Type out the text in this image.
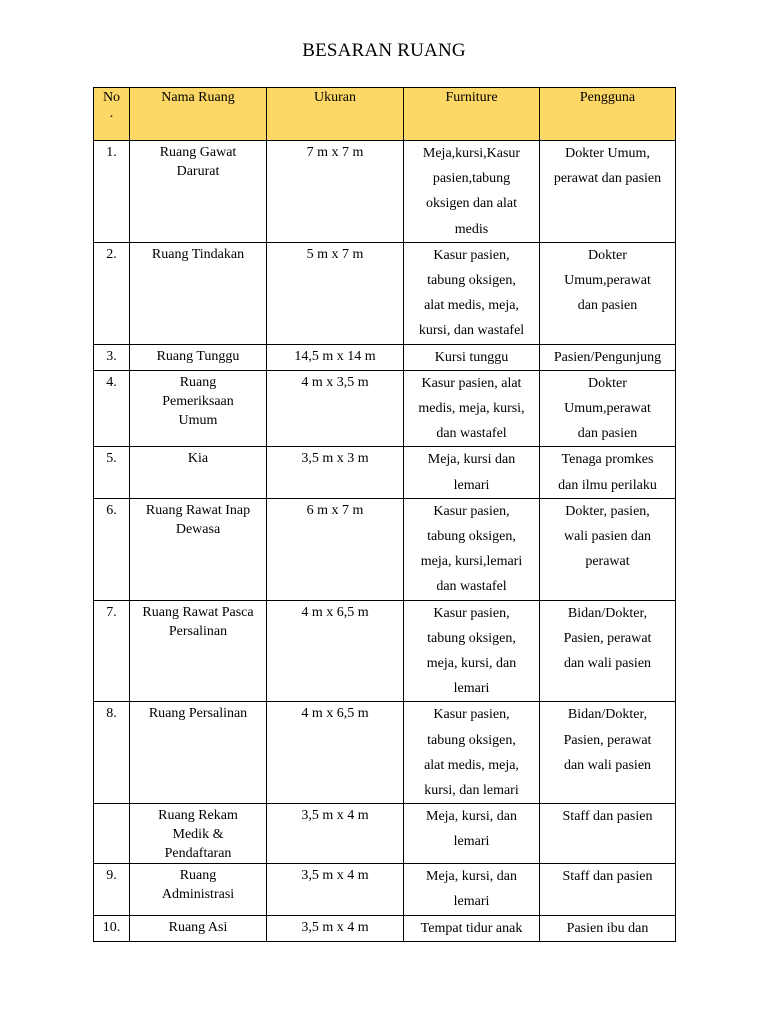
BESARAN RUANG
No
.	Nama Ruang	Ukuran	Furniture	Pengguna

1.	Ruang Gawat
Darurat	7 m x 7 m	Meja,kursi,Kasur
pasien,tabung
oksigen dan alat
medis	Dokter Umum,
perawat dan pasien

2.	Ruang Tindakan	5 m x 7 m	Kasur pasien,
tabung oksigen,
alat medis, meja,
kursi, dan wastafel	Dokter
Umum,perawat
dan pasien

3.	Ruang Tunggu	14,5 m x 14 m	Kursi tunggu	Pasien/Pengunjung

4.	Ruang
Pemeriksaan
Umum	4 m x 3,5 m	Kasur pasien, alat
medis, meja, kursi,
dan wastafel	Dokter
Umum,perawat
dan pasien

5.	Kia	3,5 m x 3 m	Meja, kursi dan
lemari	Tenaga promkes
dan ilmu perilaku

6.	Ruang Rawat Inap
Dewasa	6 m x 7 m	Kasur pasien,
tabung oksigen,
meja, kursi,lemari
dan wastafel	Dokter, pasien,
wali pasien dan
perawat

7.	Ruang Rawat Pasca
Persalinan	4 m x 6,5 m	Kasur pasien,
tabung oksigen,
meja, kursi, dan
lemari	Bidan/Dokter,
Pasien, perawat
dan wali pasien

8.	Ruang Persalinan	4 m x 6,5 m	Kasur pasien,
tabung oksigen,
alat medis, meja,
kursi, dan lemari	Bidan/Dokter,
Pasien, perawat
dan wali pasien

	Ruang Rekam
Medik &
Pendaftaran	3,5 m x 4 m	Meja, kursi, dan
lemari	Staff dan pasien

9.	Ruang
Administrasi	3,5 m x 4 m	Meja, kursi, dan
lemari	Staff dan pasien

10.	Ruang Asi	3,5 m x 4 m	Tempat tidur anak	Pasien ibu dan
